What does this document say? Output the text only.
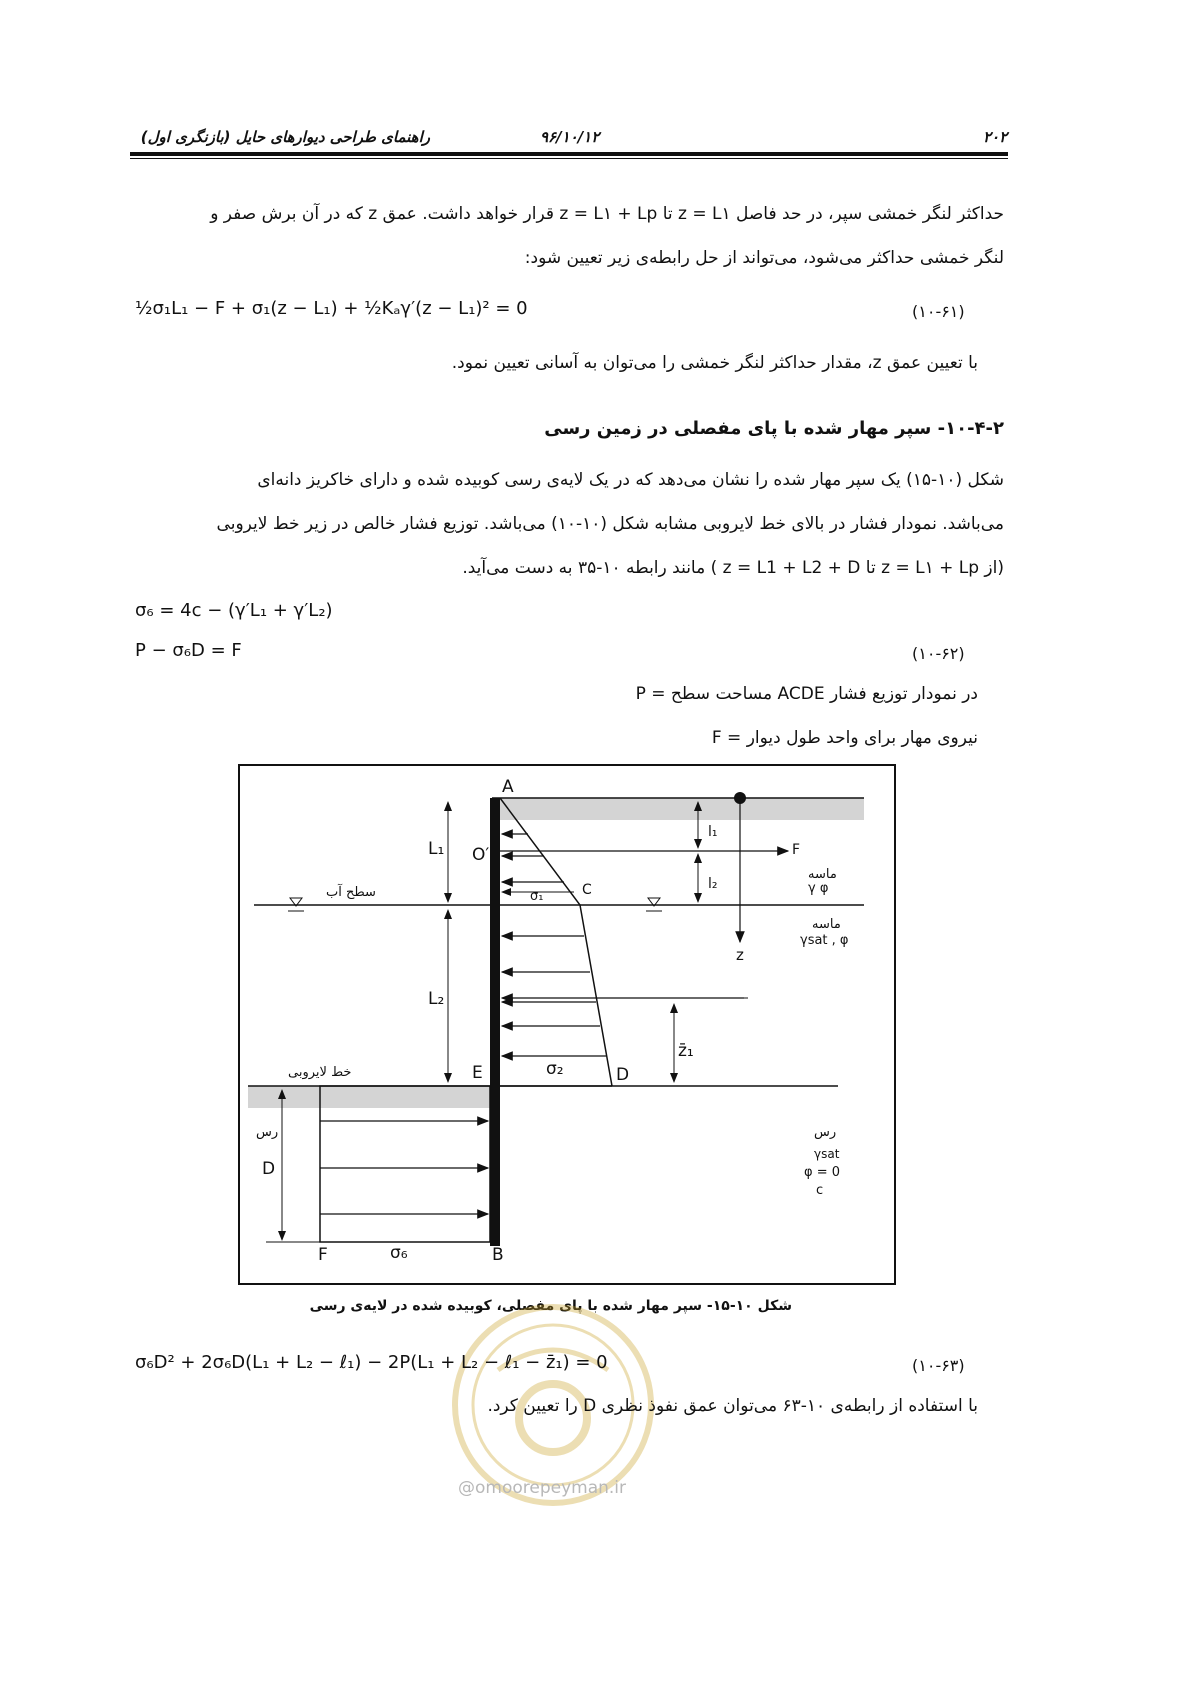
۲۰۲
۹۶/۱۰/۱۲
راهنمای طراحی دیوارهای حایل (بازنگری اول)
حداکثر لنگر خمشی سپر، در حد فاصل z = L۱ تا z = L۱ + Lp قرار خواهد داشت. عمق z که در آن برش صفر و
لنگر خمشی حداکثر می‌شود، می‌تواند از حل رابطه‌ی زیر تعیین شود:
½σ₁L₁ − F + σ₁(z − L₁) + ½Kₐγ′(z − L₁)² = 0	(۱۰-۶۱)
با تعیین عمق z، مقدار حداکثر لنگر خمشی را می‌توان به آسانی تعیین نمود.
۱۰-۴-۲- سپر مهار شده با پای مفصلی در زمین رسی
شکل (۱۰-۱۵) یک سپر مهار شده را نشان می‌دهد که در یک لایه‌ی رسی کوبیده شده و دارای خاکریز دانه‌ای
می‌باشد. نمودار فشار در بالای خط لایروبی مشابه شکل (۱۰-۱۰) می‌باشد. توزیع فشار خالص در زیر خط لایروبی
(از z = L۱ + Lp تا z = L1 + L2 + D ) مانند رابطه ۱۰-۳۵ به دست می‌آید.
σ₆ = 4c − (γ′L₁ + γ′L₂)
P − σ₆D = F	(۱۰-۶۲)
P = مساحت سطح ACDE در نمودار توزیع فشار
F = نیروی مهار برای واحد طول دیوار
A
O′
L₁
L₂
l₁
l₂
F
ماسه
γ φ
ماسه
γsat , φ
z
سطح آب	σ₁	C
z̄₁
E	σ₂	D
خط لایروبی
رس
D
رس
γsat
φ = 0
c
F	σ₆	B
شکل ۱۰-۱۵- سپر مهار شده با پای مفصلی، کوبیده شده در لایه‌ی رسی
σ₆D² + 2σ₆D(L₁ + L₂ − ℓ₁) − 2P(L₁ + L₂ − ℓ₁ − z̄₁) = 0	(۱۰-۶۳)
با استفاده از رابطه‌ی ۱۰-۶۳ می‌توان عمق نفوذ نظری D را تعیین کرد.
@omoorepeyman.ir
